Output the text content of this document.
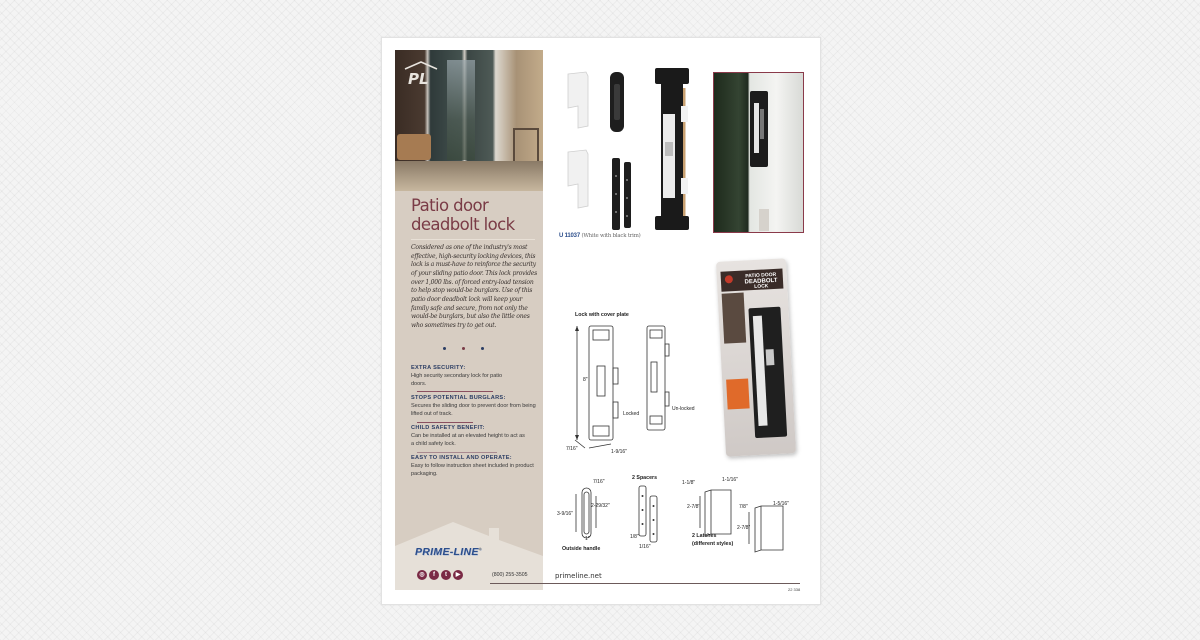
PL
Patio door
deadbolt lock
Considered as one of the industry's most effective, high-security locking devices, this lock is a must-have to reinforce the security of your sliding patio door. This lock provides over 1,000 lbs. of forced entry-load tension to help stop would-be burglars. Use of this patio door deadbolt lock will keep your family safe and secure, from not only the would-be burglars, but also the little ones who sometimes try to get out.
EXTRA SECURITY:
High security secondary lock for patio doors.
STOPS POTENTIAL BURGLARS:
Secures the sliding door to prevent door from being lifted out of track.
CHILD SAFETY BENEFIT:
Can be installed at an elevated height to act as a child safety lock.
EASY TO INSTALL AND OPERATE:
Easy to follow instruction sheet included in product packaging.
PRIME-LINE®
◎	f	t	▶	(800) 255-3505	primeline.net
22 338
U 11037 (White with black trim)
PATIO DOOR
DEADBOLT
LOCK
Lock with cover plate
8"
7/16"	1-9/16"
Locked
Un-locked
7/16"
3-9/16"
2-29/32"
1"
Outside handle
2 Spacers
1/8"
1/16"
1-1/8"	1-1/16"
2-7/8"	7/8"	1-5/16"
2-7/8"
2 Latches
(different styles)
